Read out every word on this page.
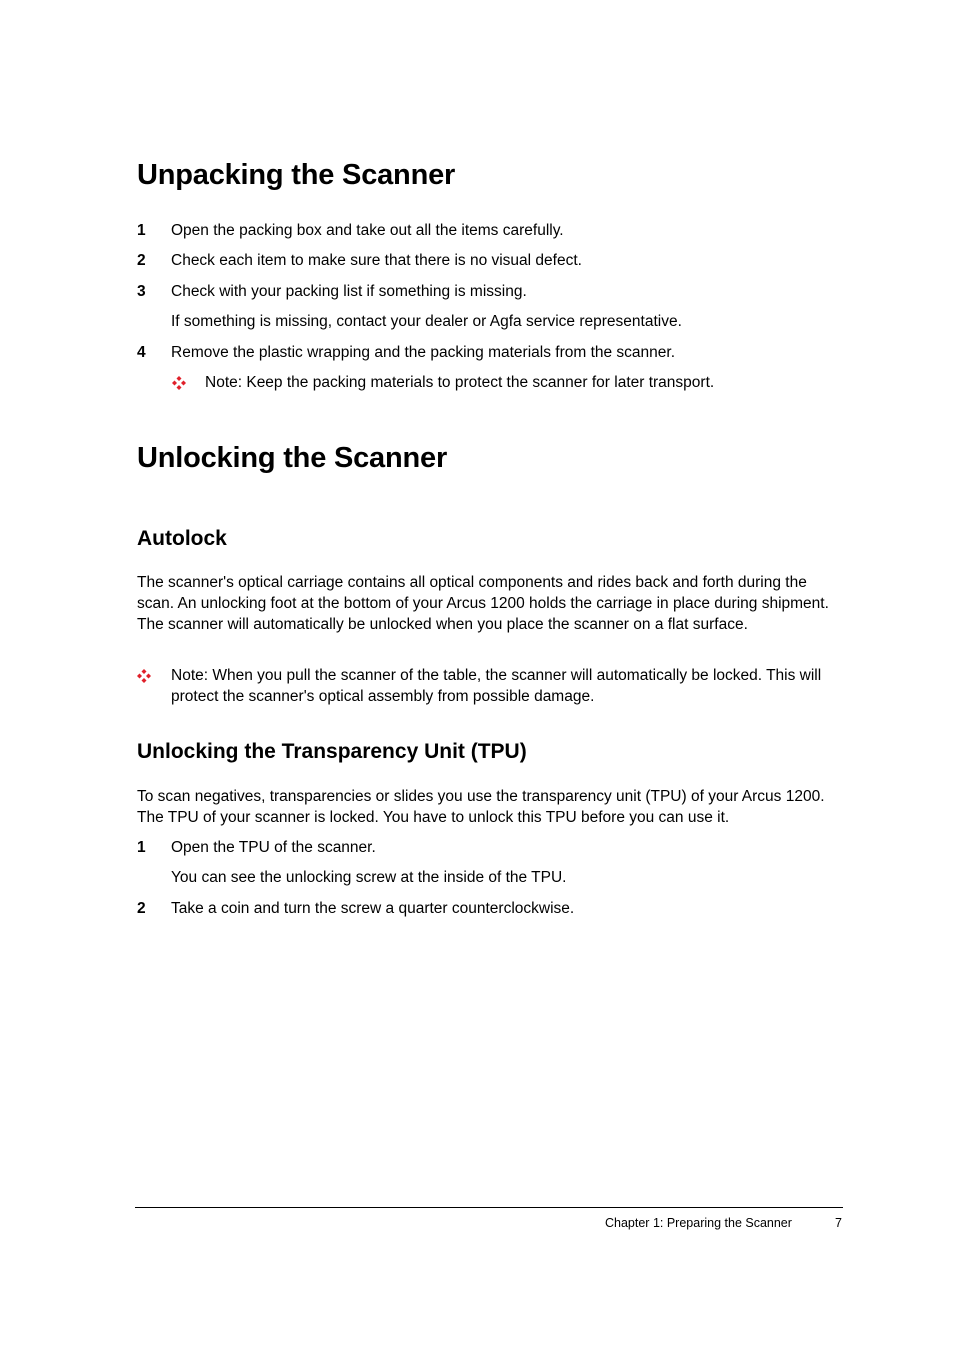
Unpacking the Scanner
1 Open the packing box and take out all the items carefully.
2 Check each item to make sure that there is no visual defect.
3 Check with your packing list if something is missing.
If something is missing, contact your dealer or Agfa service representative.
4 Remove the plastic wrapping and the packing materials from the scanner.
Note: Keep the packing materials to protect the scanner for later transport.
Unlocking the Scanner
Autolock
The scanner's optical carriage contains all optical components and rides back and forth during the scan. An unlocking foot at the bottom of your Arcus 1200 holds the carriage in place during shipment. The scanner will automatically be unlocked when you place the scanner on a flat surface.
Note: When you pull the scanner of the table, the scanner will automatically be locked. This will protect the scanner's optical assembly from possible damage.
Unlocking the Transparency Unit (TPU)
To scan negatives, transparencies or slides you use the transparency unit (TPU) of your Arcus 1200. The TPU of your scanner is locked. You have to unlock this TPU before you can use it.
1 Open the TPU of the scanner.
You can see the unlocking screw at the inside of the TPU.
2 Take a coin and turn the screw a quarter counterclockwise.
Chapter 1: Preparing the Scanner	7
